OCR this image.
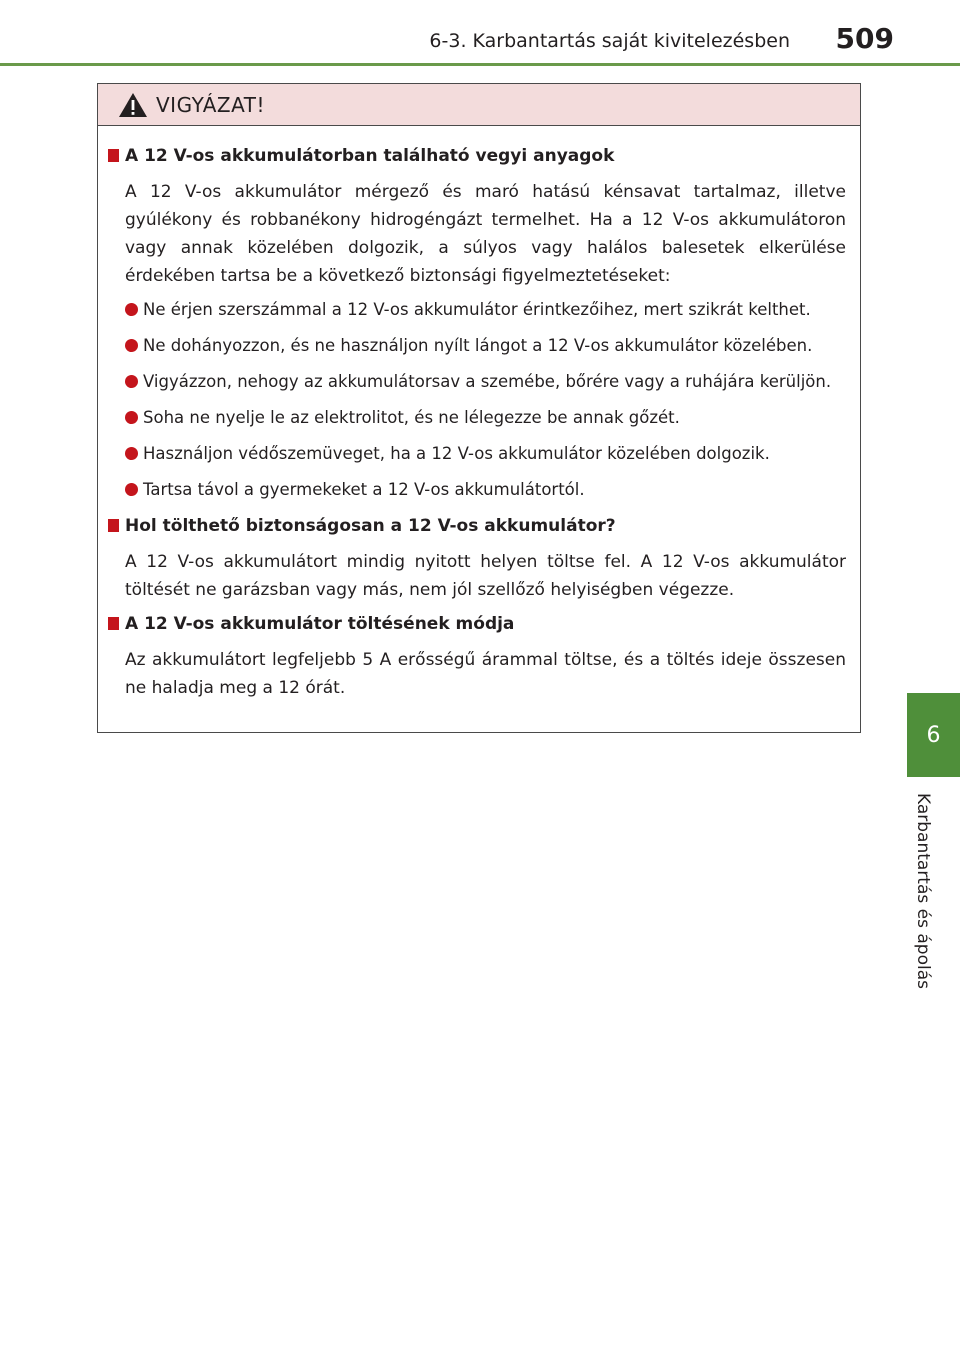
6-3. Karbantartás saját kivitelezésben 509
6
Karbantartás és ápolás
VIGYÁZAT!
A 12 V-os akkumulátorban található vegyi anyagok
A 12 V-os akkumulátor mérgező és maró hatású kénsavat tartalmaz, illetve gyúlékony és robbanékony hidrogéngázt termelhet. Ha a 12 V-os akkumulátoron vagy annak közelében dolgozik, a súlyos vagy halálos balesetek elkerülése érdekében tartsa be a következő biztonsági figyelmeztetéseket:
Ne érjen szerszámmal a 12 V-os akkumulátor érintkezőihez, mert szikrát kelthet.
Ne dohányozzon, és ne használjon nyílt lángot a 12 V-os akkumulátor közelében.
Vigyázzon, nehogy az akkumulátorsav a szemébe, bőrére vagy a ruhájára kerüljön.
Soha ne nyelje le az elektrolitot, és ne lélegezze be annak gőzét.
Használjon védőszemüveget, ha a 12 V-os akkumulátor közelében dolgozik.
Tartsa távol a gyermekeket a 12 V-os akkumulátortól.
Hol tölthető biztonságosan a 12 V-os akkumulátor?
A 12 V-os akkumulátort mindig nyitott helyen töltse fel. A 12 V-os akkumulátor töltését ne garázsban vagy más, nem jól szellőző helyiségben végezze.
A 12 V-os akkumulátor töltésének módja
Az akkumulátort legfeljebb 5 A erősségű árammal töltse, és a töltés ideje összesen ne haladja meg a 12 órát.
